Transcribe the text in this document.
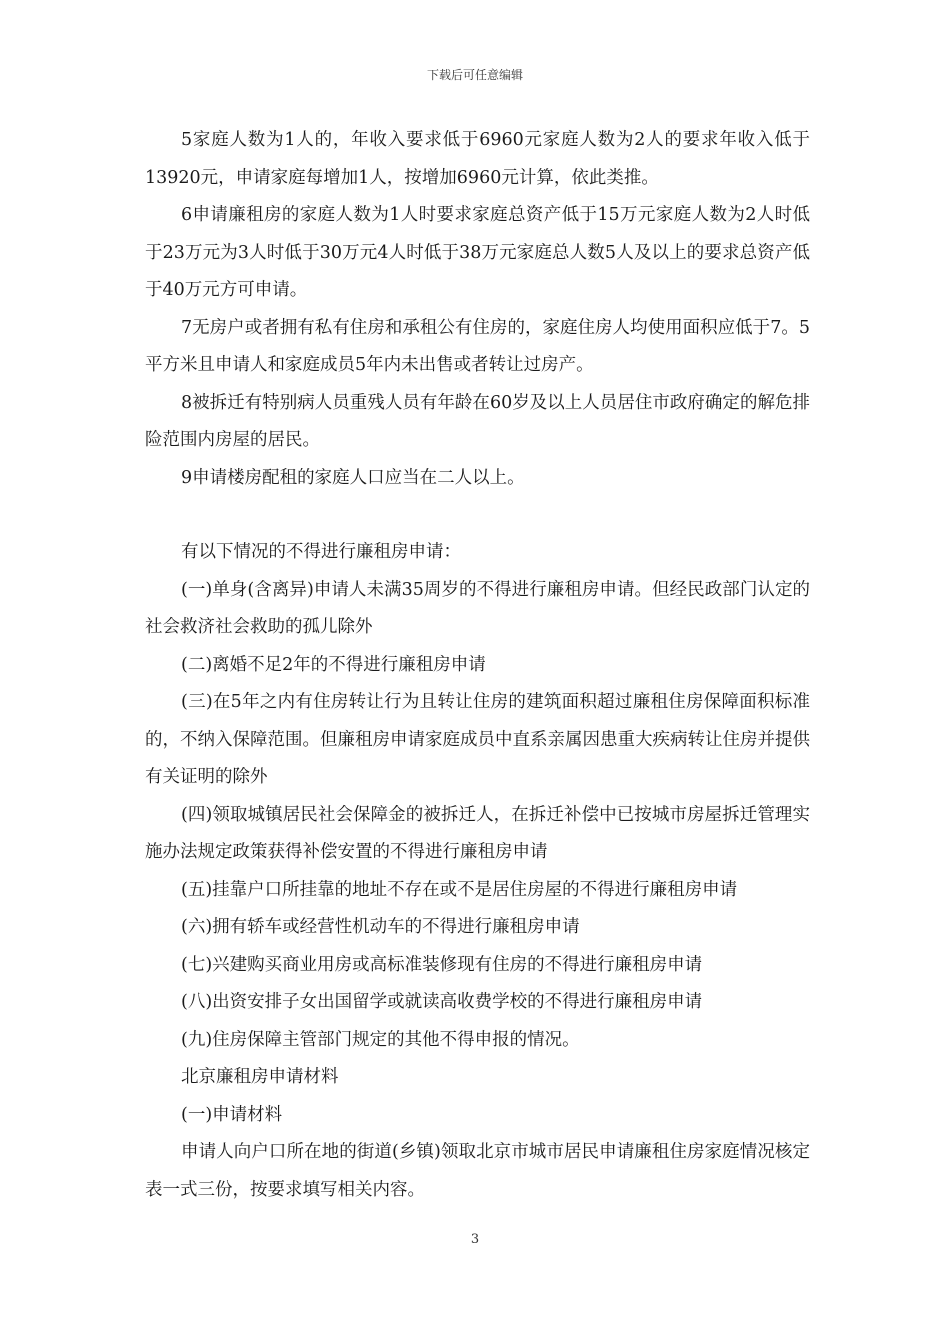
下载后可任意编辑

5家庭人数为1人的，年收入要求低于6960元家庭人数为2人的要求年收入低于13920元，申请家庭每增加1人，按增加6960元计算，依此类推。

6申请廉租房的家庭人数为1人时要求家庭总资产低于15万元家庭人数为2人时低于23万元为3人时低于30万元4人时低于38万元家庭总人数5人及以上的要求总资产低于40万元方可申请。

7无房户或者拥有私有住房和承租公有住房的，家庭住房人均使用面积应低于7。5平方米且申请人和家庭成员5年内未出售或者转让过房产。

8被拆迁有特别病人员重残人员有年龄在60岁及以上人员居住市政府确定的解危排险范围内房屋的居民。

9申请楼房配租的家庭人口应当在二人以上。

有以下情况的不得进行廉租房申请：

(一)单身(含离异)申请人未满35周岁的不得进行廉租房申请。但经民政部门认定的社会救济社会救助的孤儿除外

(二)离婚不足2年的不得进行廉租房申请

(三)在5年之内有住房转让行为且转让住房的建筑面积超过廉租住房保障面积标准的，不纳入保障范围。但廉租房申请家庭成员中直系亲属因患重大疾病转让住房并提供有关证明的除外

(四)领取城镇居民社会保障金的被拆迁人，在拆迁补偿中已按城市房屋拆迁管理实施办法规定政策获得补偿安置的不得进行廉租房申请

(五)挂靠户口所挂靠的地址不存在或不是居住房屋的不得进行廉租房申请

(六)拥有轿车或经营性机动车的不得进行廉租房申请

(七)兴建购买商业用房或高标准装修现有住房的不得进行廉租房申请

(八)出资安排子女出国留学或就读高收费学校的不得进行廉租房申请

(九)住房保障主管部门规定的其他不得申报的情况。

北京廉租房申请材料

(一)申请材料

申请人向户口所在地的街道(乡镇)领取北京市城市居民申请廉租住房家庭情况核定表一式三份，按要求填写相关内容。

3
